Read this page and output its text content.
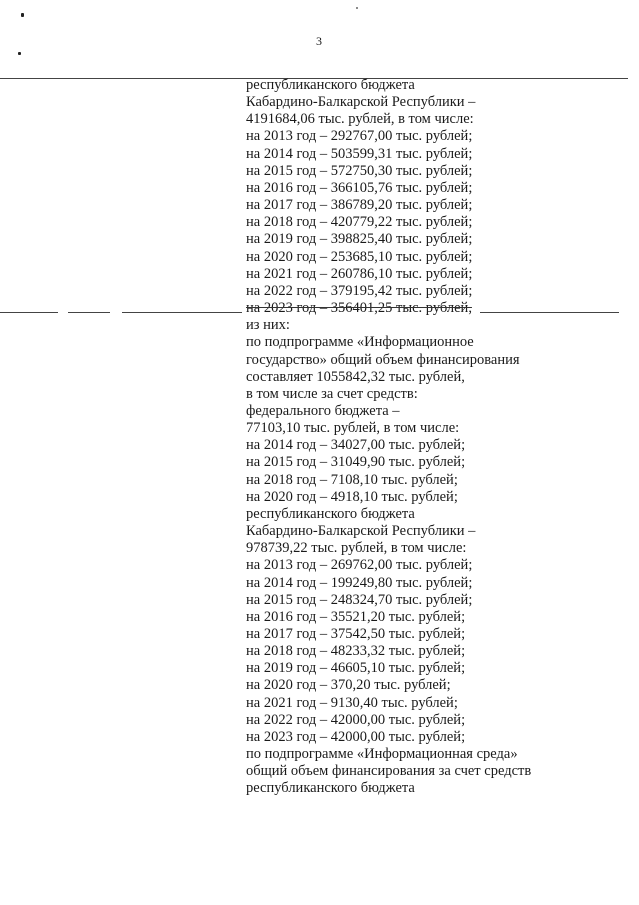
3
республиканского бюджета
Кабардино-Балкарской Республики –
4191684,06 тыс. рублей, в том числе:
на 2013 год – 292767,00 тыс. рублей;
на 2014 год – 503599,31 тыс. рублей;
на 2015 год – 572750,30 тыс. рублей;
на 2016 год – 366105,76 тыс. рублей;
на 2017 год – 386789,20 тыс. рублей;
на 2018 год – 420779,22 тыс. рублей;
на 2019 год – 398825,40 тыс. рублей;
на 2020 год – 253685,10 тыс. рублей;
на 2021 год – 260786,10 тыс. рублей;
на 2022 год – 379195,42 тыс. рублей;
на 2023 год – 356401,25 тыс. рублей,
из них:
по подпрограмме «Информационное
государство» общий объем финансирования
составляет 1055842,32 тыс. рублей,
в том числе за счет средств:
федерального бюджета –
77103,10 тыс. рублей, в том числе:
на 2014 год – 34027,00 тыс. рублей;
на 2015 год – 31049,90 тыс. рублей;
на 2018 год – 7108,10 тыс. рублей;
на 2020 год – 4918,10 тыс. рублей;
республиканского бюджета
Кабардино-Балкарской Республики –
978739,22 тыс. рублей, в том числе:
на 2013 год – 269762,00 тыс. рублей;
на 2014 год – 199249,80 тыс. рублей;
на 2015 год – 248324,70 тыс. рублей;
на 2016 год – 35521,20 тыс. рублей;
на 2017 год – 37542,50 тыс. рублей;
на 2018 год – 48233,32 тыс. рублей;
на 2019 год – 46605,10 тыс. рублей;
на 2020 год – 370,20 тыс. рублей;
на 2021 год – 9130,40 тыс. рублей;
на 2022 год – 42000,00 тыс. рублей;
на 2023 год – 42000,00 тыс. рублей;
по подпрограмме «Информационная среда»
общий объем финансирования за счет средств
республиканского бюджета
